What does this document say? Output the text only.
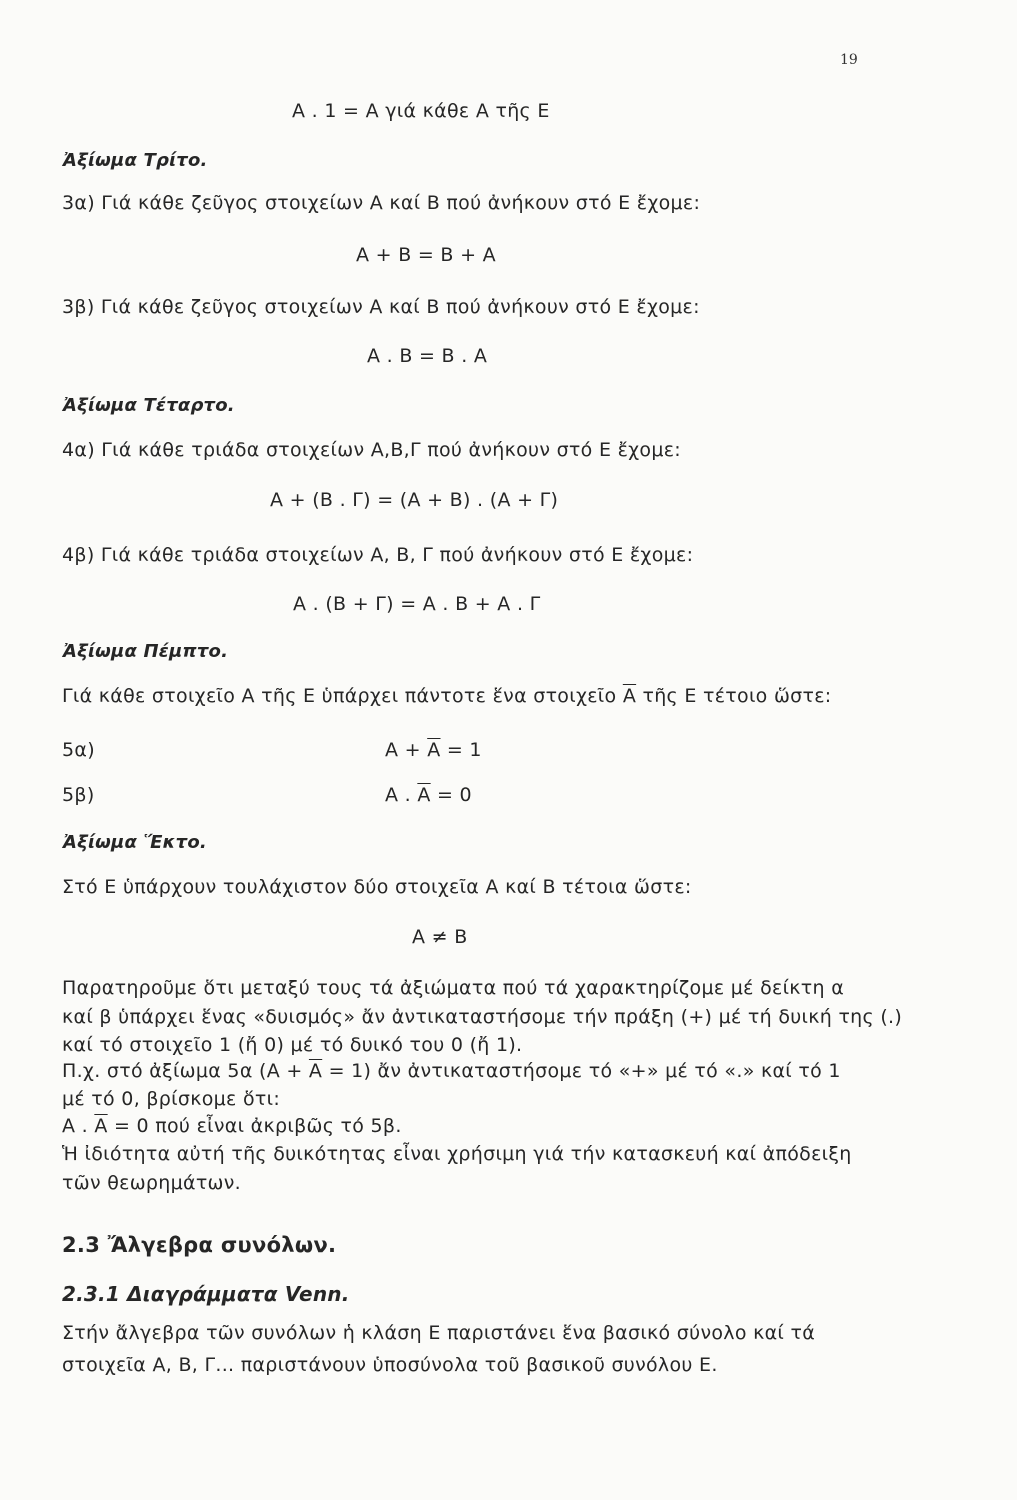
19
Α . 1 = Α γιά κάθε Α τῆς Ε
Ἀξίωμα Τρίτο.
3α) Γιά κάθε ζεῦγος στοιχείων Α καί Β πού ἀνήκουν στό Ε ἔχομε:
Α + Β = Β + Α
3β) Γιά κάθε ζεῦγος στοιχείων Α καί Β πού ἀνήκουν στό Ε ἔχομε:
Α . Β = Β . Α
Ἀξίωμα Τέταρτο.
4α) Γιά κάθε τριάδα στοιχείων Α,Β,Γ πού ἀνήκουν στό Ε ἔχομε:
Α + (Β . Γ) = (Α + Β) . (Α + Γ)
4β) Γιά κάθε τριάδα στοιχείων Α, Β, Γ πού ἀνήκουν στό Ε ἔχομε:
Α . (Β + Γ) = Α . Β + Α . Γ
Ἀξίωμα Πέμπτο.
Γιά κάθε στοιχεῖο Α τῆς Ε ὑπάρχει πάντοτε ἕνα στοιχεῖο $\overline{A}$ τῆς Ε τέτοιο ὥστε:
5α)	$A + \overline{A} = 1$
5β)	Α . $\overline{A} = 0$
Ἀξίωμα Ἕκτο.
Στό Ε ὑπάρχουν τουλάχιστον δύο στοιχεῖα Α καί Β τέτοια ὥστε:
Α ≠ Β
Παρατηροῦμε ὅτι μεταξύ τους τά ἀξιώματα πού τά χαρακτηρίζομε μέ δείκτη α
καί β ὑπάρχει ἕνας «δυισμός» ἄν ἀντικαταστήσομε τήν πράξη (+) μέ τή δυική της (.)
καί τό στοιχεῖο 1 (ἤ 0) μέ τό δυικό του 0 (ἤ 1).
Π.χ. στό ἀξίωμα 5α $(A + \overline{A} = 1)$ ἄν ἀντικαταστήσομε τό «+» μέ τό «.» καί τό 1
μέ τό 0, βρίσκομε ὅτι:
Α . $\overline{A} = 0$ πού εἶναι ἀκριβῶς τό 5β.
Ἡ ἰδιότητα αὐτή τῆς δυικότητας εἶναι χρήσιμη γιά τήν κατασκευή καί ἀπόδειξη
τῶν θεωρημάτων.
2.3 Ἄλγεβρα συνόλων.
2.3.1 Διαγράμματα Venn.
Στήν ἄλγεβρα τῶν συνόλων ἡ κλάση Ε παριστάνει ἕνα βασικό σύνολο καί τά
στοιχεῖα Α, Β, Γ... παριστάνουν ὑποσύνολα τοῦ βασικοῦ συνόλου Ε.
